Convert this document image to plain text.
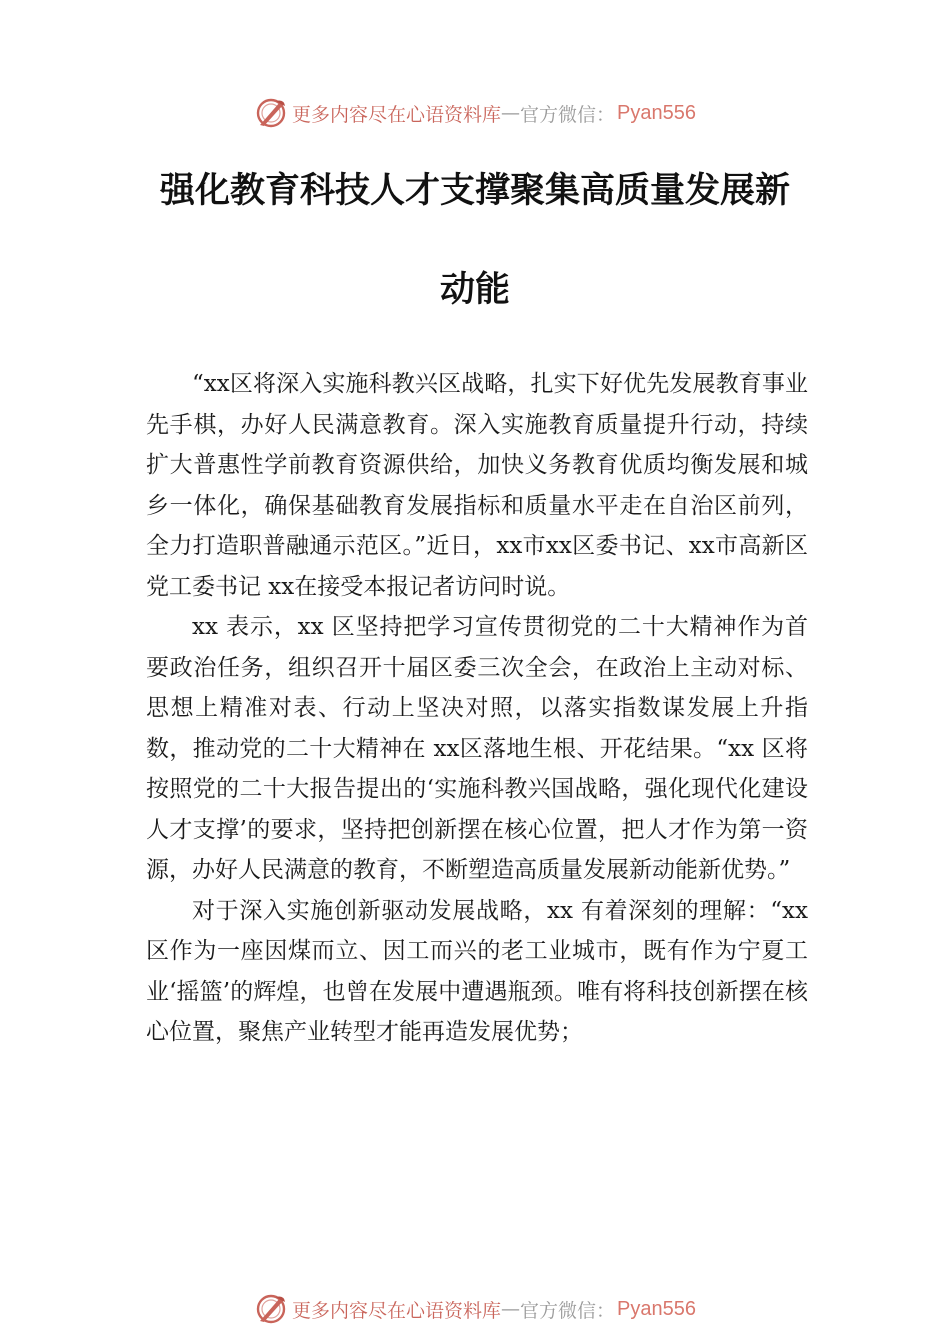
更多内容尽在心语资料库 — 官方微信： Pyan556
强化教育科技人才支撑聚集高质量发展新
动能

“xx区将深入实施科教兴区战略，扎实下好优先发展教育事业先手棋，办好人民满意教育。深入实施教育质量提升行动，持续扩大普惠性学前教育资源供给，加快义务教育优质均衡发展和城乡一体化，确保基础教育发展指标和质量水平走在自治区前列，全力打造职普融通示范区。”近日，xx市xx区委书记、xx市高新区党工委书记 xx在接受本报记者访问时说。

xx 表示，xx 区坚持把学习宣传贯彻党的二十大精神作为首要政治任务，组织召开十届区委三次全会，在政治上主动对标、思想上精准对表、行动上坚决对照，以落实指数谋发展上升指数，推动党的二十大精神在 xx区落地生根、开花结果。“xx 区将按照党的二十大报告提出的‘实施科教兴国战略，强化现代化建设人才支撑’的要求，坚持把创新摆在核心位置，把人才作为第一资源，办好人民满意的教育，不断塑造高质量发展新动能新优势。”

对于深入实施创新驱动发展战略，xx 有着深刻的理解：“xx区作为一座因煤而立、因工而兴的老工业城市，既有作为宁夏工业‘摇篮’的辉煌，也曾在发展中遭遇瓶颈。唯有将科技创新摆在核心位置，聚焦产业转型才能再造发展优势；

更多内容尽在心语资料库 — 官方微信： Pyan556
